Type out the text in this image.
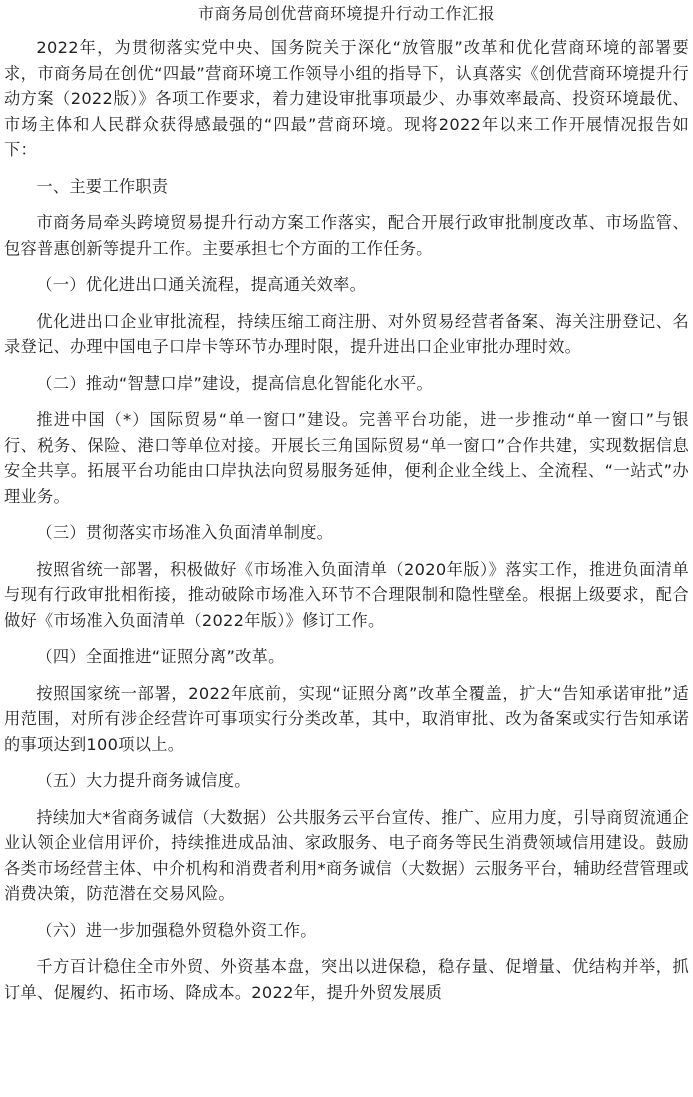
市商务局创优营商环境提升行动工作汇报

2022年，为贯彻落实党中央、国务院关于深化“放管服”改革和优化营商环境的部署要求，市商务局在创优“四最”营商环境工作领导小组的指导下，认真落实《创优营商环境提升行动方案（2022版）》各项工作要求，着力建设审批事项最少、办事效率最高、投资环境最优、市场主体和人民群众获得感最强的“四最”营商环境。现将2022年以来工作开展情况报告如下：

一、主要工作职责

市商务局牵头跨境贸易提升行动方案工作落实，配合开展行政审批制度改革、市场监管、包容普惠创新等提升工作。主要承担七个方面的工作任务。

（一）优化进出口通关流程，提高通关效率。

优化进出口企业审批流程，持续压缩工商注册、对外贸易经营者备案、海关注册登记、名录登记、办理中国电子口岸卡等环节办理时限，提升进出口企业审批办理时效。

（二）推动“智慧口岸”建设，提高信息化智能化水平。

推进中国（*）国际贸易“单一窗口”建设。完善平台功能，进一步推动“单一窗口”与银行、税务、保险、港口等单位对接。开展长三角国际贸易“单一窗口”合作共建，实现数据信息安全共享。拓展平台功能由口岸执法向贸易服务延伸，便利企业全线上、全流程、“一站式”办理业务。

（三）贯彻落实市场准入负面清单制度。

按照省统一部署，积极做好《市场准入负面清单（2020年版）》落实工作，推进负面清单与现有行政审批相衔接，推动破除市场准入环节不合理限制和隐性壁垒。根据上级要求，配合做好《市场准入负面清单（2022年版）》修订工作。

（四）全面推进“证照分离”改革。

按照国家统一部署，2022年底前，实现“证照分离”改革全覆盖，扩大“告知承诺审批”适用范围，对所有涉企经营许可事项实行分类改革，其中，取消审批、改为备案或实行告知承诺的事项达到100项以上。

（五）大力提升商务诚信度。

持续加大*省商务诚信（大数据）公共服务云平台宣传、推广、应用力度，引导商贸流通企业认领企业信用评价，持续推进成品油、家政服务、电子商务等民生消费领域信用建设。鼓励各类市场经营主体、中介机构和消费者利用*商务诚信（大数据）云服务平台，辅助经营管理或消费决策，防范潜在交易风险。

（六）进一步加强稳外贸稳外资工作。

千方百计稳住全市外贸、外资基本盘，突出以进保稳，稳存量、促增量、优结构并举，抓订单、促履约、拓市场、降成本。2022年，提升外贸发展质
